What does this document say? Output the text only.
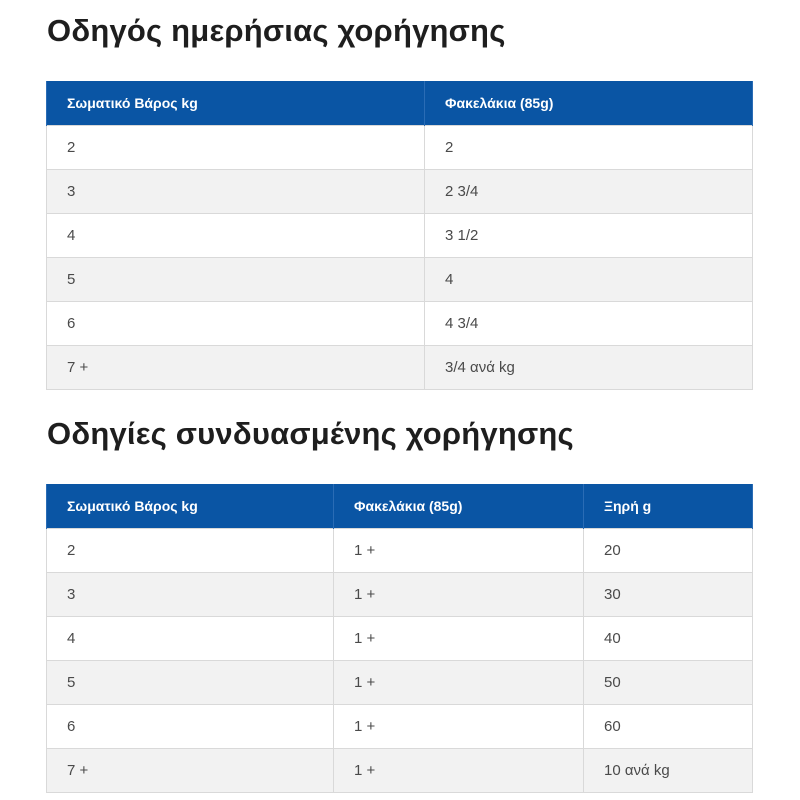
Οδηγός ημερήσιας χορήγησης
Σωματικό Βάρος kg	Φακελάκια (85g)
2	2
3	2 3/4
4	3 1/2
5	4
6	4 3/4
7 +	3/4 ανά kg
Οδηγίες συνδυασμένης χορήγησης
Σωματικό Βάρος kg	Φακελάκια (85g)	Ξηρή g
2	1 +	20
3	1 +	30
4	1 +	40
5	1 +	50
6	1 +	60
7 +	1 +	10 ανά kg
